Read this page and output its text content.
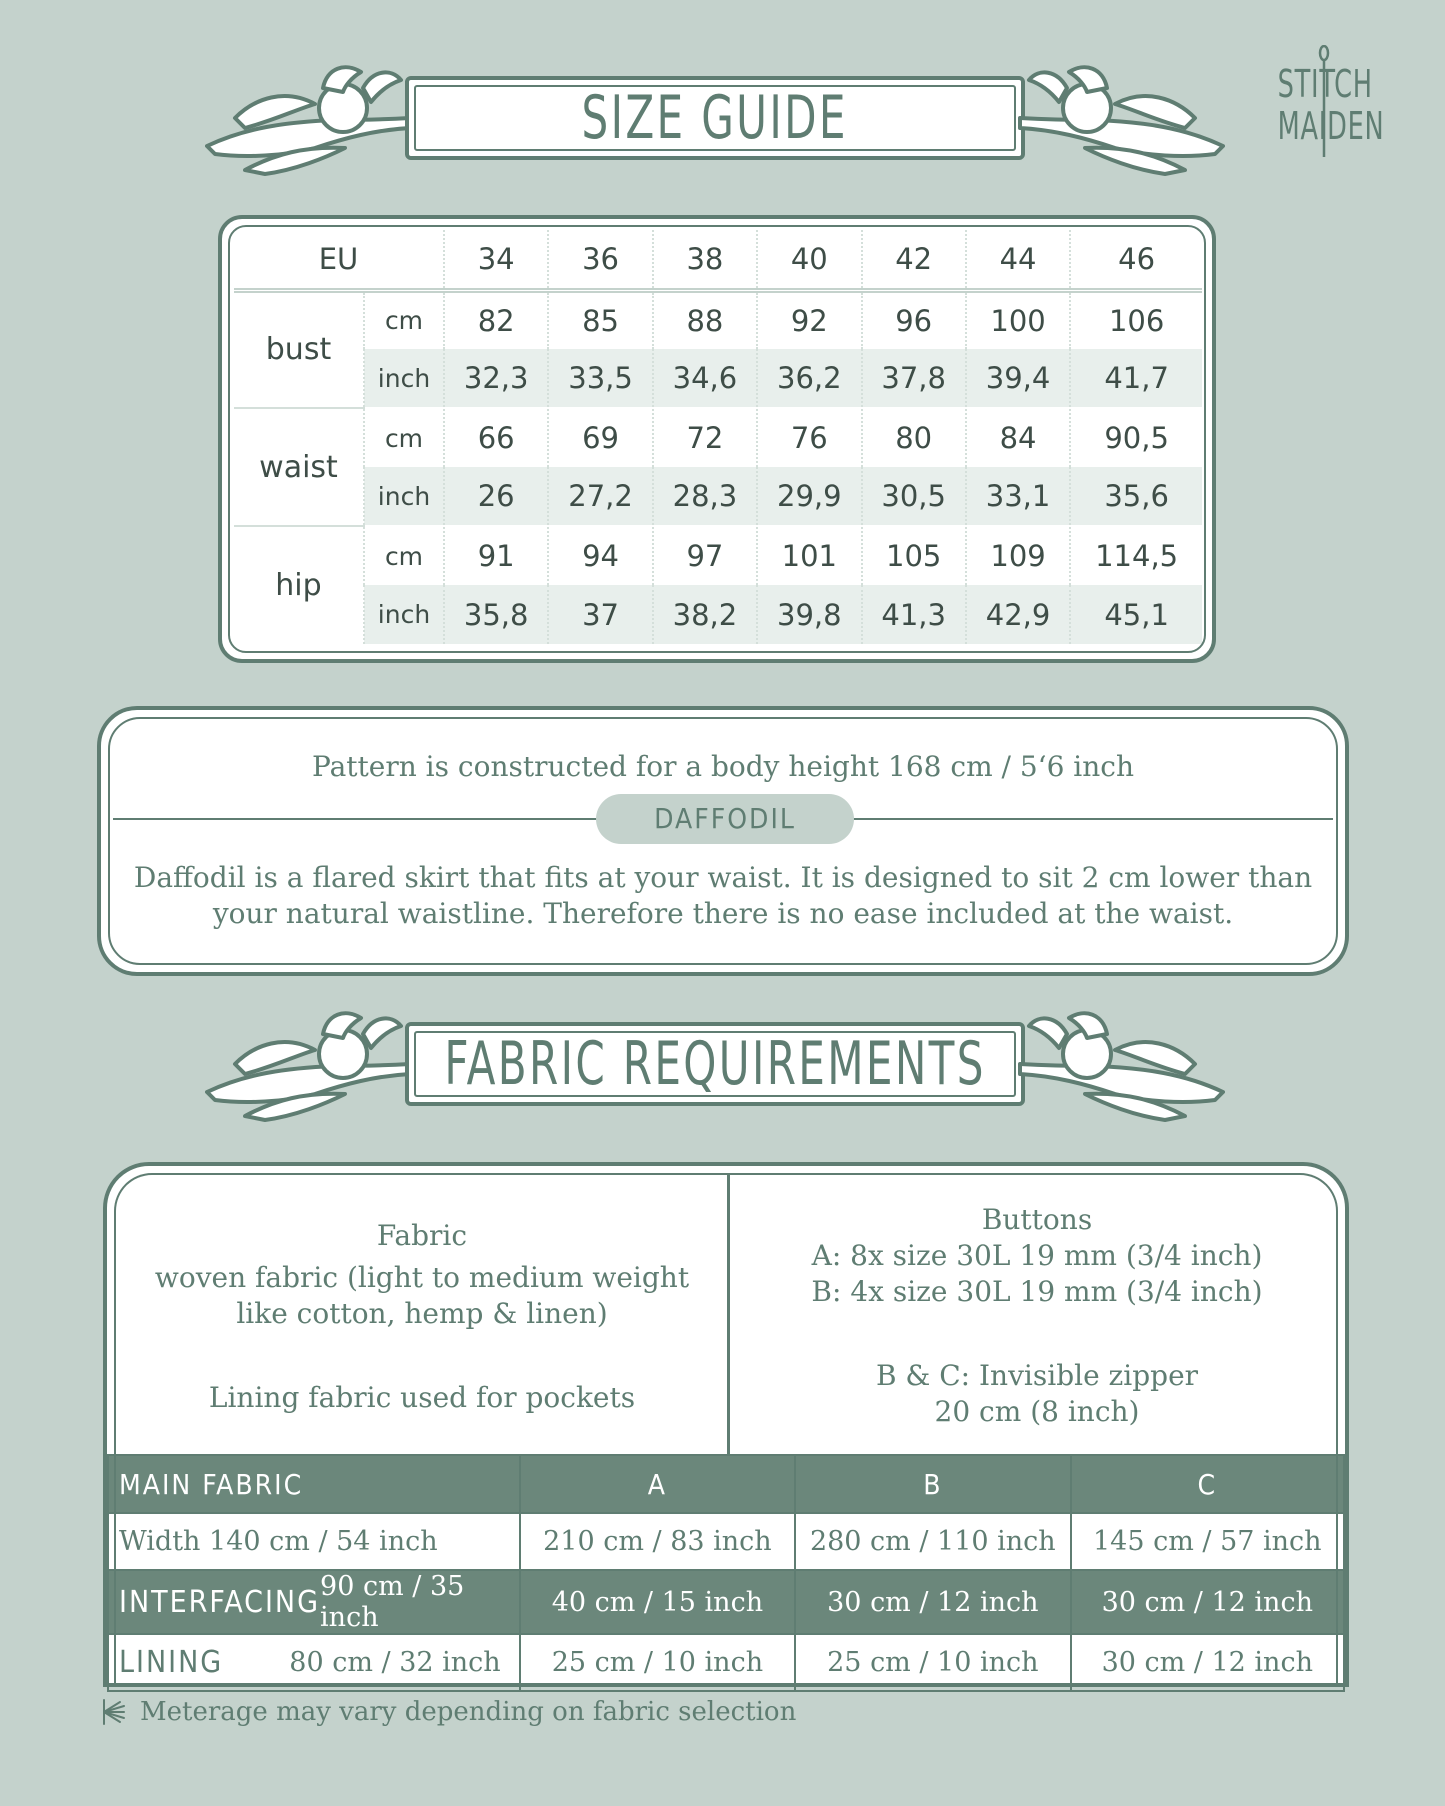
SIZE GUIDE	STITCH
MAIDEN
EU		34	36	38	40	42	44	46
bust	cm	82	85	88	92	96	100	106
	inch	32,3	33,5	34,6	36,2	37,8	39,4	41,7
waist	cm	66	69	72	76	80	84	90,5
	inch	26	27,2	28,3	29,9	30,5	33,1	35,6
hip	cm	91	94	97	101	105	109	114,5
	inch	35,8	37	38,2	39,8	41,3	42,9	45,1
Pattern is constructed for a body height 168 cm / 5‘6 inch
DAFFODIL
Daffodil is a flared skirt that fits at your waist. It is designed to sit 2 cm lower than
your natural waistline. Therefore there is no ease included at the waist.
FABRIC REQUIREMENTS
Fabric
woven fabric (light to medium weight
like cotton, hemp & linen)
Lining fabric used for pockets
Buttons
A: 8x size 30L 19 mm (3/4 inch)
B: 4x size 30L 19 mm (3/4 inch)
B & C: Invisible zipper
20 cm (8 inch)
MAIN FABRIC	A	B	C
Width 140 cm / 54 inch	210 cm / 83 inch	280 cm / 110 inch	145 cm / 57 inch

INTERFACING 90 cm / 35 inch	40 cm / 15 inch	30 cm / 12 inch	30 cm / 12 inch

LINING 80 cm / 32 inch	25 cm / 10 inch	25 cm / 10 inch	30 cm / 12 inch
Meterage may vary depending on fabric selection
